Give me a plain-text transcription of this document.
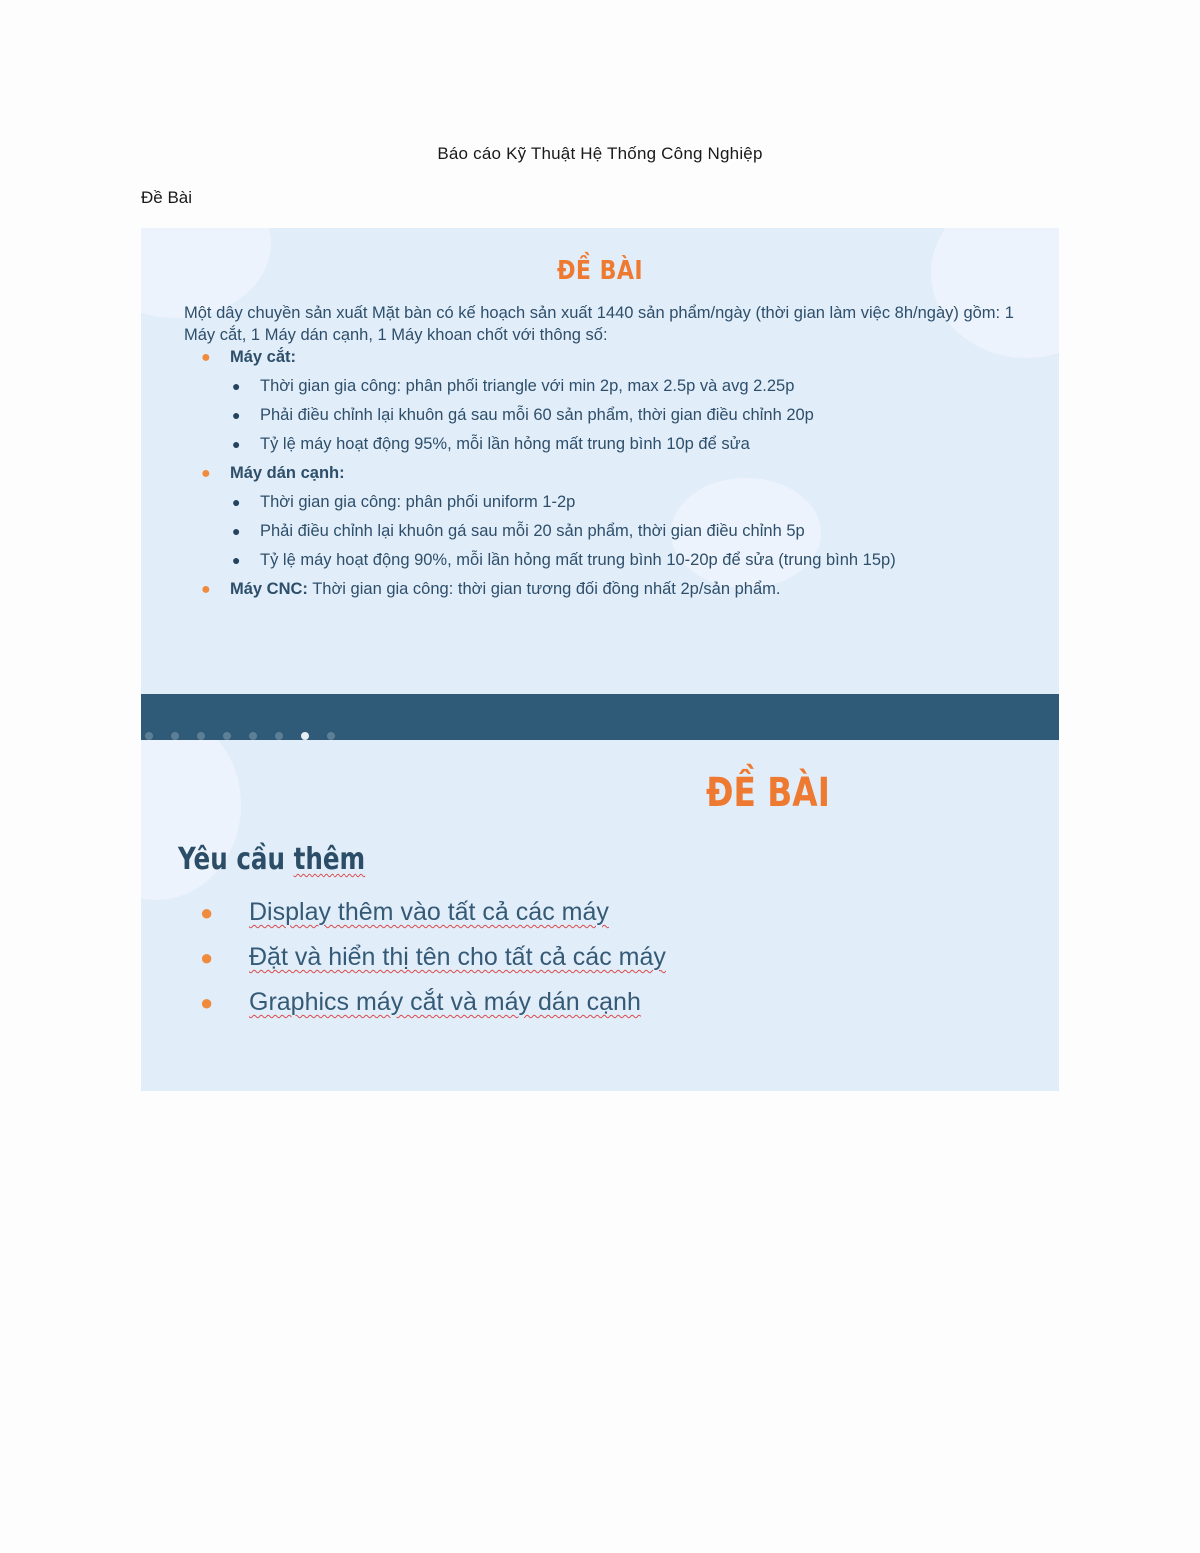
Báo cáo Kỹ Thuật Hệ Thống Công Nghiệp
Đề Bài
ĐỀ BÀI
Một dây chuyền sản xuất Mặt bàn có kế hoạch sản xuất 1440 sản phẩm/ngày (thời gian làm việc 8h/ngày) gồm: 1 Máy cắt, 1 Máy dán cạnh, 1 Máy khoan chốt với thông số:
● Máy cắt:
● Thời gian gia công: phân phối triangle với min 2p, max 2.5p và avg 2.25p
● Phải điều chỉnh lại khuôn gá sau mỗi 60 sản phẩm, thời gian điều chỉnh 20p
● Tỷ lệ máy hoạt động 95%, mỗi lần hỏng mất trung bình 10p để sửa
● Máy dán cạnh:
● Thời gian gia công: phân phối uniform 1-2p
● Phải điều chỉnh lại khuôn gá sau mỗi 20 sản phẩm, thời gian điều chỉnh 5p
● Tỷ lệ máy hoạt động 90%, mỗi lần hỏng mất trung bình 10-20p để sửa (trung bình 15p)
● Máy CNC: Thời gian gia công: thời gian tương đối đồng nhất 2p/sản phẩm.
ĐỀ BÀI
Yêu cầu thêm
● Display thêm vào tất cả các máy
● Đặt và hiển thị tên cho tất cả các máy
● Graphics máy cắt và máy dán cạnh
